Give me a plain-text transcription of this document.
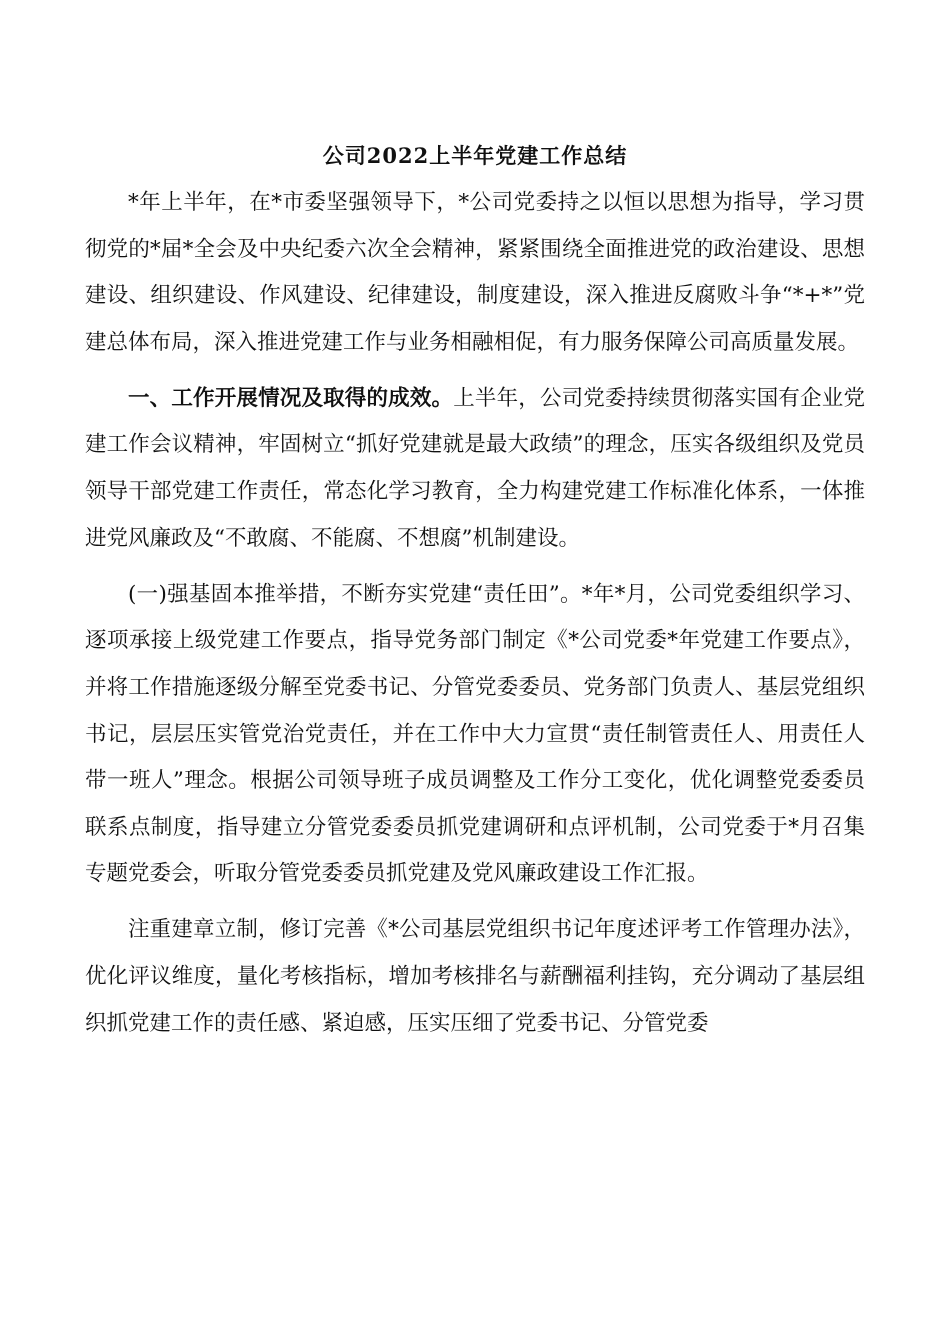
公司2022上半年党建工作总结

*年上半年，在*市委坚强领导下，*公司党委持之以恒以思想为指导，学习贯彻党的*届*全会及中央纪委六次全会精神，紧紧围绕全面推进党的政治建设、思想建设、组织建设、作风建设、纪律建设，制度建设，深入推进反腐败斗争“*+*”党建总体布局，深入推进党建工作与业务相融相促，有力服务保障公司高质量发展。

一、工作开展情况及取得的成效。上半年，公司党委持续贯彻落实国有企业党建工作会议精神，牢固树立“抓好党建就是最大政绩”的理念，压实各级组织及党员领导干部党建工作责任，常态化学习教育，全力构建党建工作标准化体系，一体推进党风廉政及“不敢腐、不能腐、不想腐”机制建设。

(一)强基固本推举措，不断夯实党建“责任田”。*年*月，公司党委组织学习、逐项承接上级党建工作要点，指导党务部门制定《*公司党委*年党建工作要点》，并将工作措施逐级分解至党委书记、分管党委委员、党务部门负责人、基层党组织书记，层层压实管党治党责任，并在工作中大力宣贯“责任制管责任人、用责任人带一班人”理念。根据公司领导班子成员调整及工作分工变化，优化调整党委委员联系点制度，指导建立分管党委委员抓党建调研和点评机制，公司党委于*月召集专题党委会，听取分管党委委员抓党建及党风廉政建设工作汇报。

注重建章立制，修订完善《*公司基层党组织书记年度述评考工作管理办法》，优化评议维度，量化考核指标，增加考核排名与薪酬福利挂钩，充分调动了基层组织抓党建工作的责任感、紧迫感，压实压细了党委书记、分管党委
